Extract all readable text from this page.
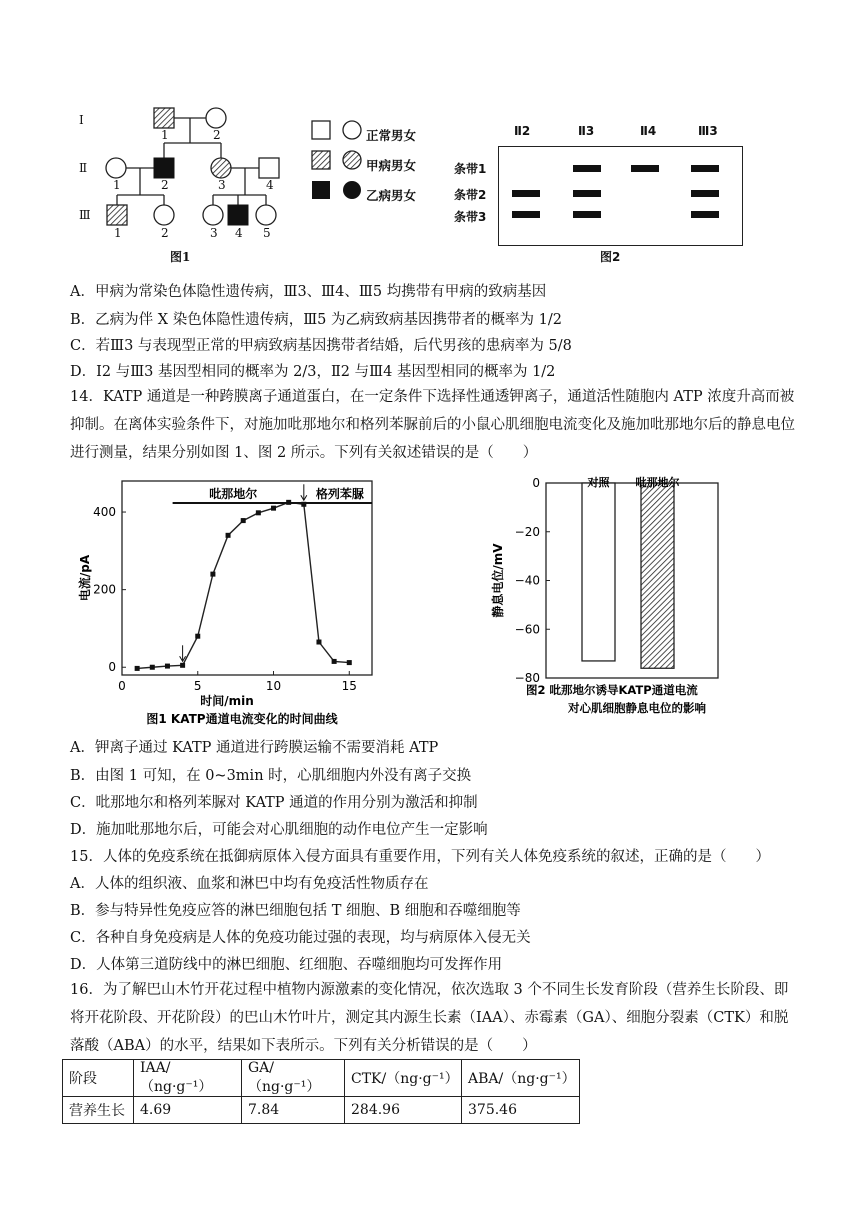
Ⅰ
Ⅱ
Ⅲ
1	2
1	2	3	4
1	2	3 4 5
图1
正常男女
甲病男女
乙病男女
Ⅱ2	Ⅱ3	Ⅱ4	Ⅲ3
条带1
条带2
条带3
图2
A．甲病为常染色体隐性遗传病，Ⅲ3、Ⅲ4、Ⅲ5 均携带有甲病的致病基因
B．乙病为伴 X 染色体隐性遗传病，Ⅲ5 为乙病致病基因携带者的概率为 1/2
C．若Ⅲ3 与表现型正常的甲病致病基因携带者结婚，后代男孩的患病率为 5/8
D．Ⅰ2 与Ⅲ3 基因型相同的概率为 2/3，Ⅱ2 与Ⅲ4 基因型相同的概率为 1/2
14．KATP 通道是一种跨膜离子通道蛋白，在一定条件下选择性通透钾离子，通道活性随胞内 ATP 浓度升高而被抑制。在离体实验条件下，对施加吡那地尔和格列苯脲前后的小鼠心肌细胞电流变化及施加吡那地尔后的静息电位进行测量，结果分别如图 1、图 2 所示。下列有关叙述错误的是（　　）
0	5	10	15
0
200
400
时间/min
电流/pA
吡那地尔	格列苯脲
图1 KATP通道电流变化的时间曲线
0
−20
−40
−60
−80
静息电位/mV
对照 吡那地尔
图2 吡那地尔诱导KATP通道电流
对心肌细胞静息电位的影响
A．钾离子通过 KATP 通道进行跨膜运输不需要消耗 ATP
B．由图 1 可知，在 0~3min 时，心肌细胞内外没有离子交换
C．吡那地尔和格列苯脲对 KATP 通道的作用分别为激活和抑制
D．施加吡那地尔后，可能会对心肌细胞的动作电位产生一定影响
15．人体的免疫系统在抵御病原体入侵方面具有重要作用，下列有关人体免疫系统的叙述，正确的是（　　）
A．人体的组织液、血浆和淋巴中均有免疫活性物质存在
B．参与特异性免疫应答的淋巴细胞包括 T 细胞、B 细胞和吞噬细胞等
C．各种自身免疫病是人体的免疫功能过强的表现，均与病原体入侵无关
D．人体第三道防线中的淋巴细胞、红细胞、吞噬细胞均可发挥作用
16．为了解巴山木竹开花过程中植物内源激素的变化情况，依次选取 3 个不同生长发育阶段（营养生长阶段、即将开花阶段、开花阶段）的巴山木竹叶片，测定其内源生长素（IAA）、赤霉素（GA）、细胞分裂素（CTK）和脱落酸（ABA）的水平，结果如下表所示。下列有关分析错误的是（　　）
阶段	IAA/（ng·g⁻¹）	GA/（ng·g⁻¹）	CTK/（ng·g⁻¹）	ABA/（ng·g⁻¹）
营养生长	4.69	7.84	284.96	375.46
